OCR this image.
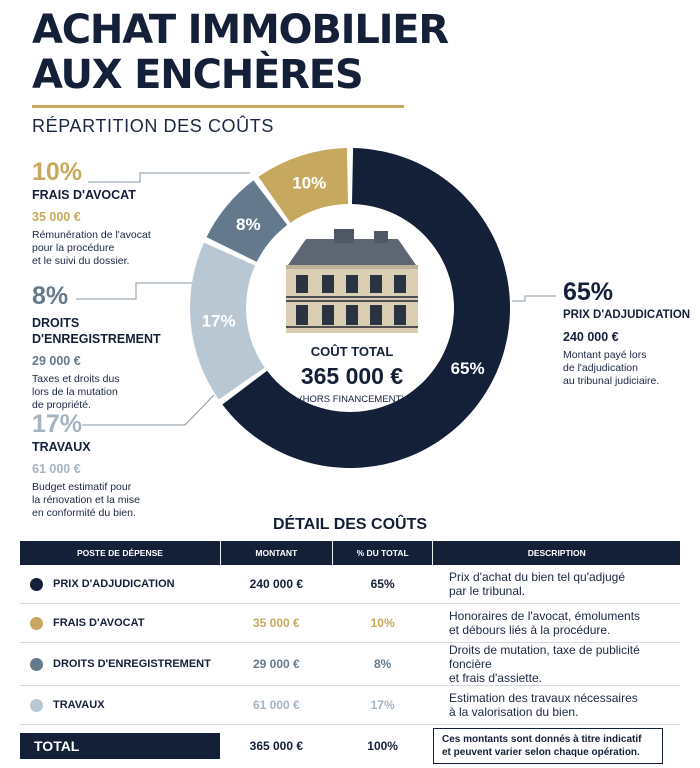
ACHAT IMMOBILIER
AUX ENCHÈRES
RÉPARTITION DES COÛTS
10%
FRAIS D'AVOCAT
35 000 €
Rémunération de l'avocat
pour la procédure
et le suivi du dossier.
8%
DROITS
D'ENREGISTREMENT
29 000 €
Taxes et droits dus
lors de la mutation
de propriété.
17%
TRAVAUX
61 000 €
Budget estimatif pour
la rénovation et la mise
en conformité du bien.
65%
PRIX D'ADJUDICATION
240 000 €
Montant payé lors
de l'adjudication
au tribunal judiciaire.
65%
17%
8%
10%
COÛT TOTAL
365 000 €
(HORS FINANCEMENT)
DÉTAIL DES COÛTS
POSTE DE DÉPENSE	MONTANT	% DU TOTAL	DESCRIPTION

PRIX D'ADJUDICATION	240 000 €	65%	Prix d'achat du bien tel qu'adjugé
par le tribunal.

FRAIS D'AVOCAT	35 000 €	10%	Honoraires de l'avocat, émoluments
et débours liés à la procédure.

DROITS D'ENREGISTREMENT	29 000 €	8%	Droits de mutation, taxe de publicité foncière
et frais d'assiette.

TRAVAUX	61 000 €	17%	Estimation des travaux nécessaires
à la valorisation du bien.

TOTAL	365 000 €	100%	Ces montants sont donnés à titre indicatif
et peuvent varier selon chaque opération.
